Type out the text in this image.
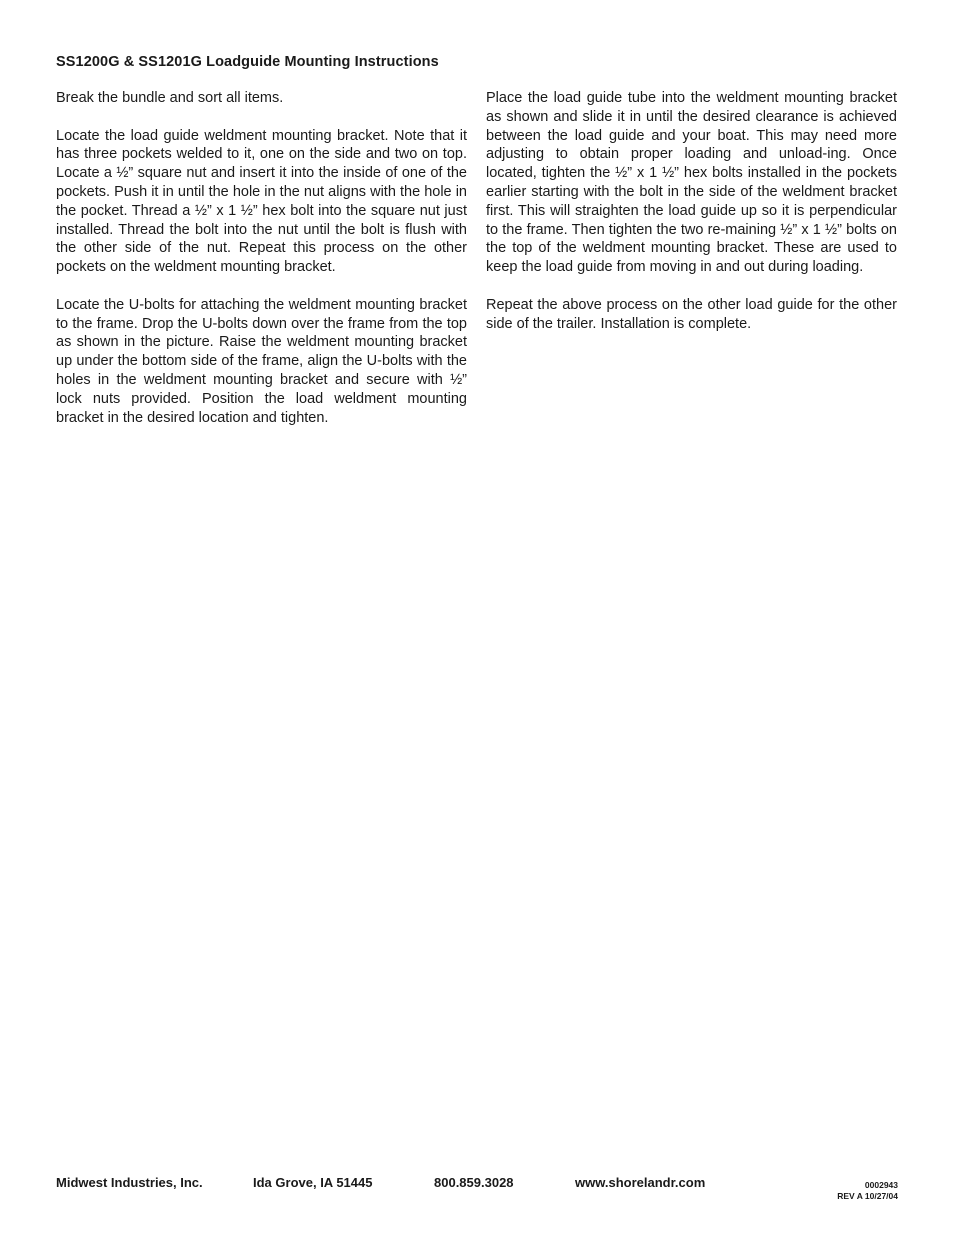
SS1200G & SS1201G Loadguide Mounting Instructions

Break the bundle and sort all items.

Locate the load guide weldment mounting bracket. Note that it has three pockets welded to it, one on the side and two on top. Locate a ½” square nut and insert it into the inside of one of the pockets. Push it in until the hole in the nut aligns with the hole in the pocket. Thread a ½” x 1 ½” hex bolt into the square nut just installed. Thread the bolt into the nut until the bolt is flush with the other side of the nut. Repeat this process on the other pockets on the weldment mounting bracket.

Locate the U-bolts for attaching the weldment mounting bracket to the frame. Drop the U-bolts down over the frame from the top as shown in the picture. Raise the weldment mounting bracket up under the bottom side of the frame, align the U-bolts with the holes in the weldment mounting bracket and secure with ½” lock nuts provided. Position the load weldment mounting bracket in the desired location and tighten.

Place the load guide tube into the weldment mounting bracket as shown and slide it in until the desired clearance is achieved between the load guide and your boat. This may need more adjusting to obtain proper loading and unload-ing. Once located, tighten the ½” x 1 ½” hex bolts installed in the pockets earlier starting with the bolt in the side of the weldment bracket first. This will straighten the load guide up so it is perpendicular to the frame. Then tighten the two re-maining ½” x 1 ½” bolts on the top of the weldment mounting bracket. These are used to keep the load guide from moving in and out during loading.

Repeat the above process on the other load guide for the other side of the trailer. Installation is complete.

Midwest Industries, Inc.	Ida Grove, IA 51445	800.859.3028	www.shorelandr.com	0002943
REV A 10/27/04
